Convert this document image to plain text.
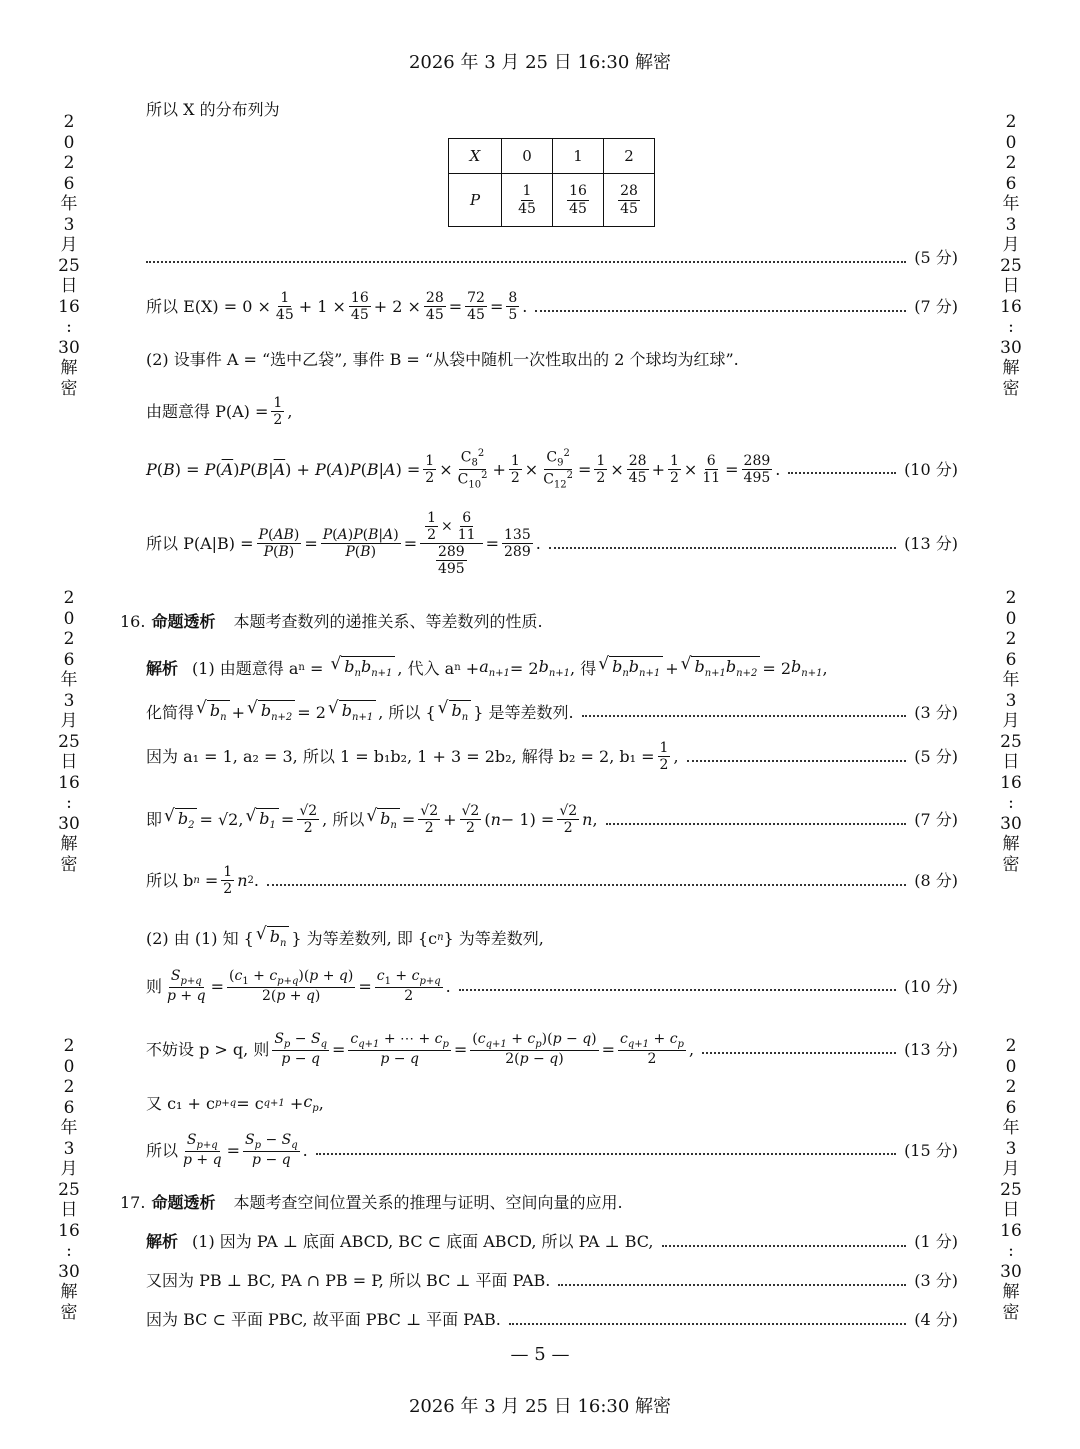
2026 年 3 月 25 日 16:30 解密
2
0
2
6
年
3
月
25
日
16
:
30
解
密
2
0
2
6
年
3
月
25
日
16
:
30
解
密
2
0
2
6
年
3
月
25
日
16
:
30
解
密
2
0
2
6
年
3
月
25
日
16
:
30
解
密
2
0
2
6
年
3
月
25
日
16
:
30
解
密
2
0
2
6
年
3
月
25
日
16
:
30
解
密
所以 X 的分布列为
X	0	1	2
P	$\frac{1}{45}$	$\frac{16}{45}$	$\frac{28}{45}$
(5 分)
所以 $E(X) = 0 \times \frac{1}{45} + 1 \times \frac{16}{45} + 2 \times \frac{28}{45} = \frac{72}{45} = \frac{8}{5}$ .	(7 分)
(2) 设事件 A = “选中乙袋”, 事件 B = “从袋中随机一次性取出的 2 个球均为红球”.
由题意得 $P(A) = \frac{1}{2}$ ,
$P(B) = P(\overline{A})P(B|\overline{A}) + P(A)P(B|A) = \frac{1}{2} \times \frac{C_8^2}{C_{10}^2} + \frac{1}{2} \times \frac{C_9^2}{C_{12}^2} = \frac{1}{2} \times \frac{28}{45} + \frac{1}{2} \times \frac{6}{11} = \frac{289}{495}$ .	(10 分)
所以 $P(A|B) = \frac{P(AB)}{P(B)} = \frac{P(A)P(B|A)}{P(B)} = \frac{\frac{1}{2} \times \frac{6}{11}}{\frac{289}{495}} = \frac{135}{289}$ .	(13 分)
16. 命题透析 本题考查数列的递推关系、等差数列的性质.
解析 (1) 由题意得 a n = √ $b_nb_{n+1}$ , 代入 a $n + a_{n+1} = 2$ $b_{n+1}$ , 得 √ $b_nb_{n+1}$ + √ $b_{n+1}b_{n+2} = 2$ $b_{n+1}$ ,
化简得 √ $b_n$ + √ $b_{n+2} = 2$ √ $b_{n+1}$ , 所以 { √ $b_n$ } 是等差数列.	(3 分)
因为 a₁ = 1, a₂ = 3, 所以 1 = b₁b₂, 1 + 3 = 2b₂, 解得 b₂ = 2, $b_1 = \frac{1}{2}$ ,	(5 分)
即 √ $b_2 = √2$, √ $b_1 = \frac{√2}{2}$ , 所以 √ $b_n = \frac{√2}{2} + \frac{√2}{2}$ ( $n - 1) = \frac{√2}{2}$ n ,	(7 分)
所以 b $n = \frac{1}{2}$ n 2 .	(8 分)
(2) 由 (1) 知 { √ $b_n$ } 为等差数列, 即 {c n } 为等差数列,
则 $\frac{S_{p+q}}{p + q} = \frac{(c_1 + c_{p+q})(p + q)}{2(p + q)} = \frac{c_1 + c_{p+q}}{2}$ .	(10 分)
不妨设 p > q, 则 $\frac{S_p - S_q}{p - q} = \frac{c_{q+1} + \cdots + c_p}{p - q} = \frac{(c_{q+1} + c_p)(p - q)}{2(p - q)} = \frac{c_{q+1} + c_p}{2}$ ,	(13 分)
又 c₁ + c p+q = c $q+1 + c_p$ ,
所以 $\frac{S_{p+q}}{p + q} = \frac{S_p - S_q}{p - q}$ .	(15 分)
17. 命题透析 本题考查空间位置关系的推理与证明、空间向量的应用.
解析 (1) 因为 PA ⊥ 底面 ABCD, BC ⊂ 底面 ABCD, 所以 PA ⊥ BC,	(1 分)
又因为 PB ⊥ BC, PA ∩ PB = P, 所以 BC ⊥ 平面 PAB.	(3 分)
因为 BC ⊂ 平面 PBC, 故平面 PBC ⊥ 平面 PAB.	(4 分)
— 5 —
2026 年 3 月 25 日 16:30 解密
